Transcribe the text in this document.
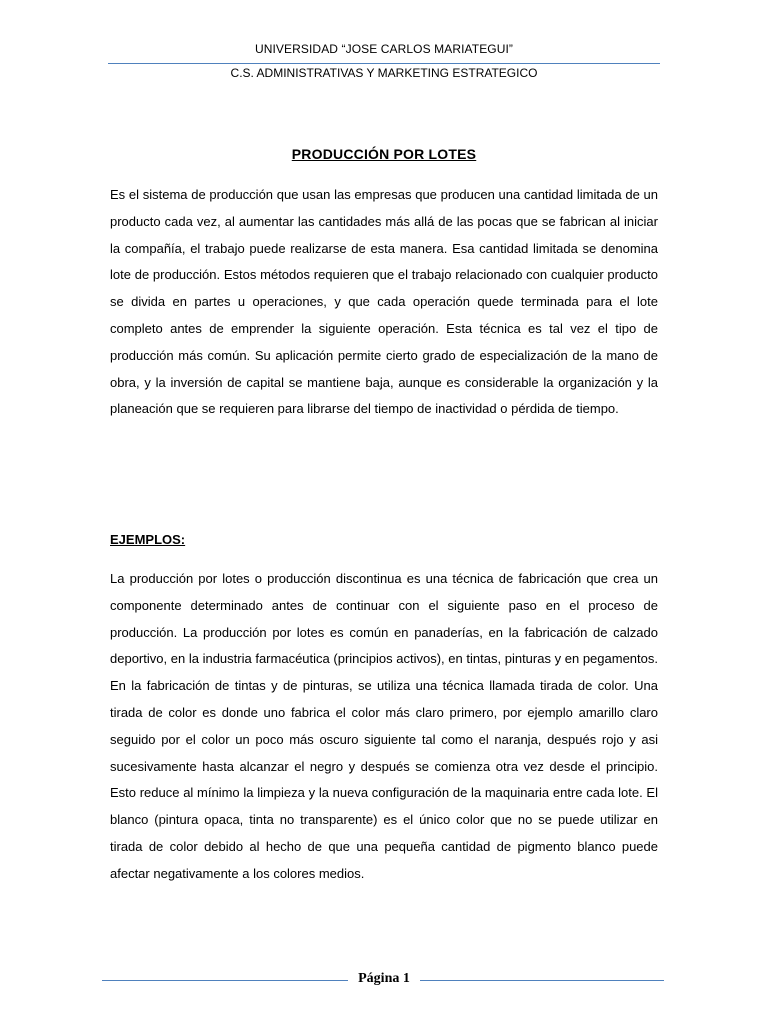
UNIVERSIDAD “JOSE CARLOS MARIATEGUI”
C.S. ADMINISTRATIVAS Y MARKETING ESTRATEGICO
PRODUCCIÓN POR LOTES

Es el sistema de producción que usan las empresas que producen una cantidad limitada de un producto cada vez, al aumentar las cantidades más allá de las pocas que se fabrican al iniciar la compañía, el trabajo puede realizarse de esta manera. Esa cantidad limitada se denomina lote de producción. Estos métodos requieren que el trabajo relacionado con cualquier producto se divida en partes u operaciones, y que cada operación quede terminada para el lote completo antes de emprender la siguiente operación. Esta técnica es tal vez el tipo de producción más común. Su aplicación permite cierto grado de especialización de la mano de obra, y la inversión de capital se mantiene baja, aunque es considerable la organización y la planeación que se requieren para librarse del tiempo de inactividad o pérdida de tiempo.

EJEMPLOS:

La producción por lotes o producción discontinua es una técnica de fabricación que crea un componente determinado antes de continuar con el siguiente paso en el proceso de producción. La producción por lotes es común en panaderías, en la fabricación de calzado deportivo, en la industria farmacéutica (principios activos), en tintas, pinturas y en pegamentos. En la fabricación de tintas y de pinturas, se utiliza una técnica llamada tirada de color. Una tirada de color es donde uno fabrica el color más claro primero, por ejemplo amarillo claro seguido por el color un poco más oscuro siguiente tal como el naranja, después rojo y asi sucesivamente hasta alcanzar el negro y después se comienza otra vez desde el principio. Esto reduce al mínimo la limpieza y la nueva configuración de la maquinaria entre cada lote. El blanco (pintura opaca, tinta no transparente) es el único color que no se puede utilizar en tirada de color debido al hecho de que una pequeña cantidad de pigmento blanco puede afectar negativamente a los colores medios.

Página 1
